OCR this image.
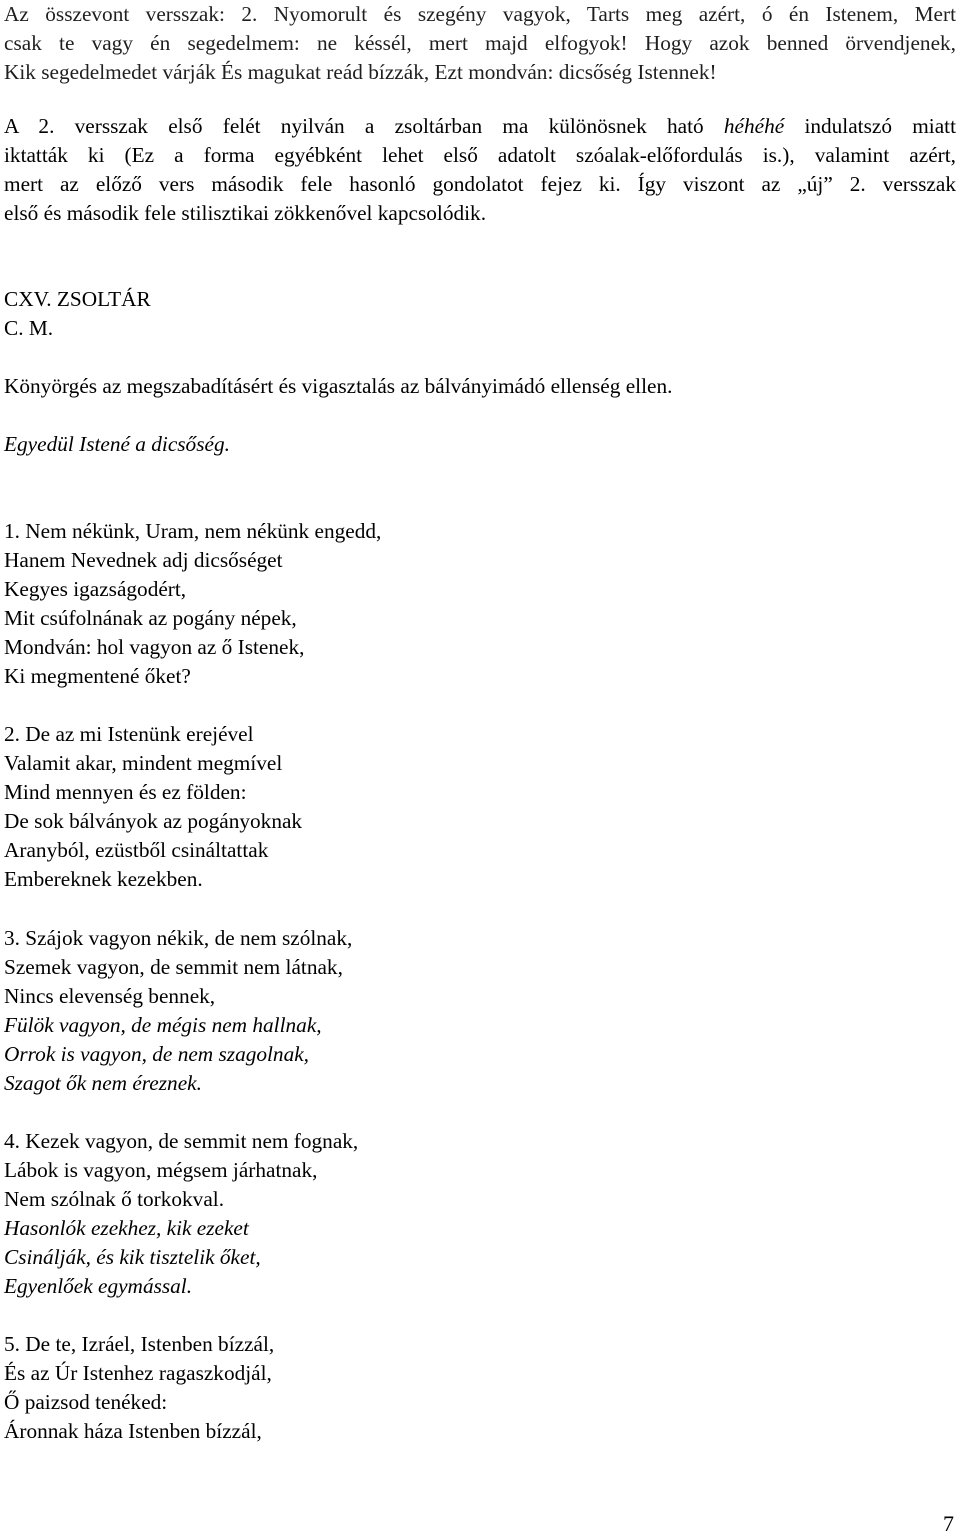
Az összevont versszak: 2. Nyomorult és szegény vagyok, Tarts meg azért, ó én Istenem, Mert
csak te vagy én segedelmem: ne késsél, mert majd elfogyok! Hogy azok benned örvendjenek,
Kik segedelmedet várják És magukat reád bízzák, Ezt mondván: dicsőség Istennek!
A 2. versszak első felét nyilván a zsoltárban ma különösnek ható héhéhé indulatszó miatt
iktatták ki (Ez a forma egyébként lehet első adatolt szóalak-előfordulás is.), valamint azért,
mert az előző vers második fele hasonló gondolatot fejez ki. Így viszont az „új” 2. versszak
első és második fele stilisztikai zökkenővel kapcsolódik.
CXV. ZSOLTÁR
C. M.
Könyörgés az megszabadításért és vigasztalás az bálványimádó ellenség ellen.
Egyedül Istené a dicsőség.
1. Nem nékünk, Uram, nem nékünk engedd,
Hanem Nevednek adj dicsőséget
Kegyes igazságodért,
Mit csúfolnának az pogány népek,
Mondván: hol vagyon az ő Istenek,
Ki megmentené őket?
2. De az mi Istenünk erejével
Valamit akar, mindent megmível
Mind mennyen és ez földen:
De sok bálványok az pogányoknak
Aranyból, ezüstből csináltattak
Embereknek kezekben.
3. Szájok vagyon nékik, de nem szólnak,
Szemek vagyon, de semmit nem látnak,
Nincs elevenség bennek,
Fülök vagyon, de mégis nem hallnak,
Orrok is vagyon, de nem szagolnak,
Szagot ők nem éreznek.
4. Kezek vagyon, de semmit nem fognak,
Lábok is vagyon, mégsem járhatnak,
Nem szólnak ő torkokval.
Hasonlók ezekhez, kik ezeket
Csinálják, és kik tisztelik őket,
Egyenlőek egymással.
5. De te, Izráel, Istenben bízzál,
És az Úr Istenhez ragaszkodjál,
Ő paizsod tenéked:
Áronnak háza Istenben bízzál,
7
